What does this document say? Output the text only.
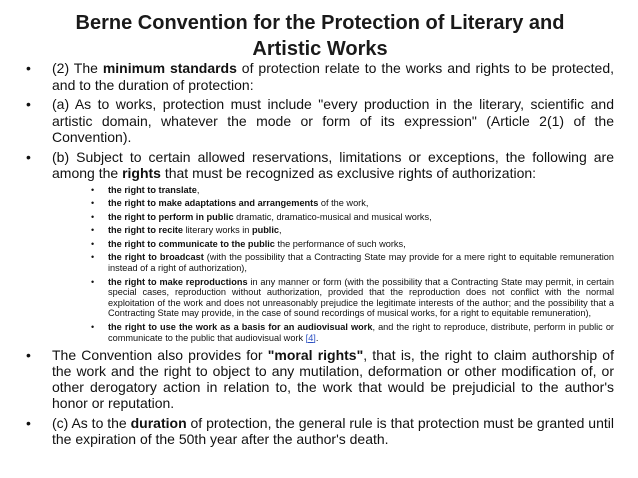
Berne Convention for the Protection of Literary and Artistic Works
• (2) The minimum standards of protection relate to the works and rights to be protected, and to the duration of protection:
• (a) As to works, protection must include "every production in the literary, scientific and artistic domain, whatever the mode or form of its expression" (Article 2(1) of the Convention).
• (b) Subject to certain allowed reservations, limitations or exceptions, the following are among the rights that must be recognized as exclusive rights of authorization:
• the right to translate,
• the right to make adaptations and arrangements of the work,
• the right to perform in public dramatic, dramatico-musical and musical works,
• the right to recite literary works in public,
• the right to communicate to the public the performance of such works,
• the right to broadcast (with the possibility that a Contracting State may provide for a mere right to equitable remuneration instead of a right of authorization),
• the right to make reproductions in any manner or form (with the possibility that a Contracting State may permit, in certain special cases, reproduction without authorization, provided that the reproduction does not conflict with the normal exploitation of the work and does not unreasonably prejudice the legitimate interests of the author; and the possibility that a Contracting State may provide, in the case of sound recordings of musical works, for a right to equitable remuneration),
• the right to use the work as a basis for an audiovisual work, and the right to reproduce, distribute, perform in public or communicate to the public that audiovisual work [4].
• The Convention also provides for "moral rights", that is, the right to claim authorship of the work and the right to object to any mutilation, deformation or other modification of, or other derogatory action in relation to, the work that would be prejudicial to the author's honor or reputation.
• (c) As to the duration of protection, the general rule is that protection must be granted until the expiration of the 50th year after the author's death.
